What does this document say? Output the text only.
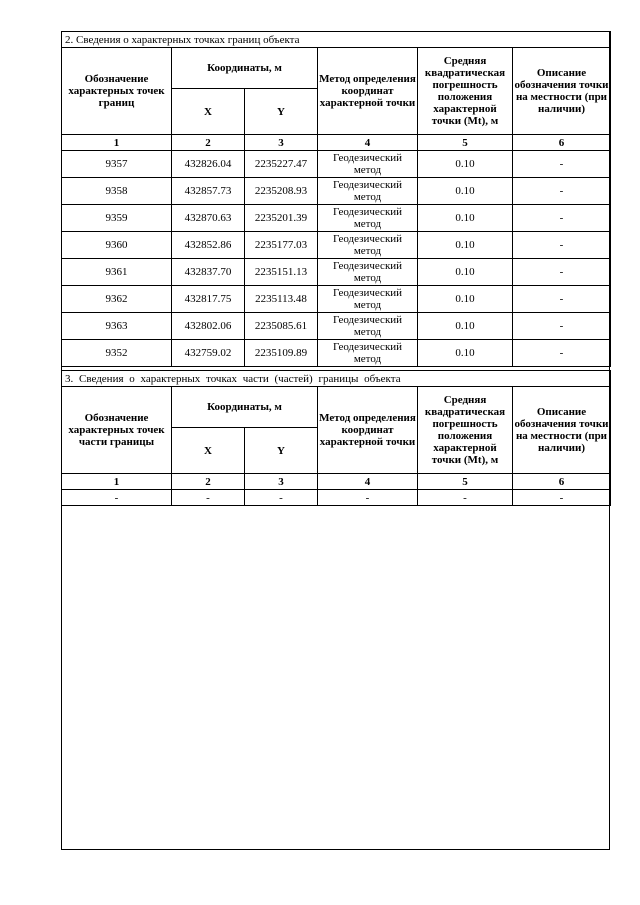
2. Сведения о характерных точках границ объекта					
Обозначение характерных точек границ	Координаты, м		Метод определения координат характерной точки	Средняя квадратическая погрешность положения характерной точки (Mt), м	Описание обозначения точки на местности (при наличии)
	X	Y			
1	2	3	4	5	6
9357	432826.04	2235227.47	Геодезический метод	0.10	-
9358	432857.73	2235208.93	Геодезический метод	0.10	-
9359	432870.63	2235201.39	Геодезический метод	0.10	-
9360	432852.86	2235177.03	Геодезический метод	0.10	-
9361	432837.70	2235151.13	Геодезический метод	0.10	-
9362	432817.75	2235113.48	Геодезический метод	0.10	-
9363	432802.06	2235085.61	Геодезический метод	0.10	-
9352	432759.02	2235109.89	Геодезический метод	0.10	-
3. Сведения о характерных точках части (частей) границы объекта					
Обозначение характерных точек части границы	Координаты, м		Метод определения координат характерной точки	Средняя квадратическая погрешность положения характерной точки (Mt), м	Описание обозначения точки на местности (при наличии)
	X	Y			
1	2	3	4	5	6
-	-	-	-	-	-
